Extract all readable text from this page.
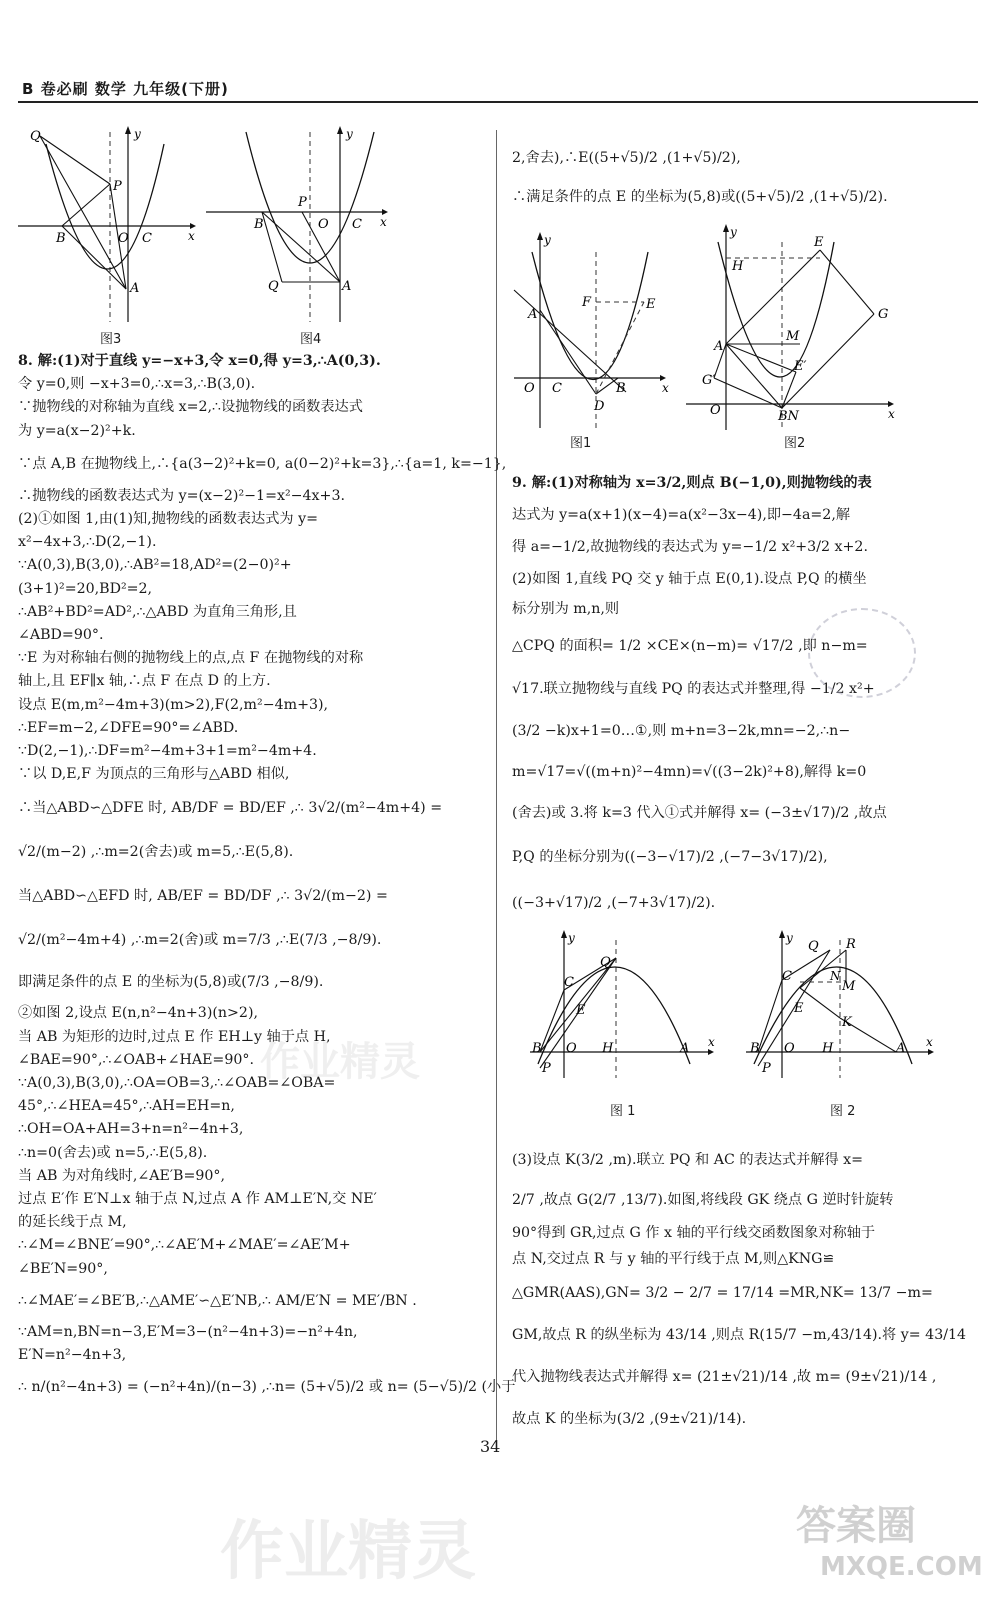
B 卷必刷 数学 九年级(下册)
Q
P
B	O C
A
x
y
图3
P
B	O C
Q	A
x
y
图4

8. 解:(1)对于直线 y=−x+3,令 x=0,得 y=3,∴A(0,3).

令 y=0,则 −x+3=0,∴x=3,∴B(3,0).

∵抛物线的对称轴为直线 x=2,∴设抛物线的函数表达式

为 y=a(x−2)²+k.

∵点 A,B 在抛物线上,∴{a(3−2)²+k=0, a(0−2)²+k=3},∴{a=1, k=−1},

∴抛物线的函数表达式为 y=(x−2)²−1=x²−4x+3.

(2)①如图 1,由(1)知,抛物线的函数表达式为 y=

x²−4x+3,∴D(2,−1).

∵A(0,3),B(3,0),∴AB²=18,AD²=(2−0)²+

(3+1)²=20,BD²=2,

∴AB²+BD²=AD²,∴△ABD 为直角三角形,且

∠ABD=90°.

∵E 为对称轴右侧的抛物线上的点,点 F 在抛物线的对称

轴上,且 EF∥x 轴,∴点 F 在点 D 的上方.

设点 E(m,m²−4m+3)(m>2),F(2,m²−4m+3),

∴EF=m−2,∠DFE=90°=∠ABD.

∵D(2,−1),∴DF=m²−4m+3+1=m²−4m+4.

∵以 D,E,F 为顶点的三角形与△ABD 相似,

∴当△ABD∽△DFE 时, AB/DF = BD/EF ,∴ 3√2/(m²−4m+4) =

√2/(m−2) ,∴m=2(舍去)或 m=5,∴E(5,8).

当△ABD∽△EFD 时, AB/EF = BD/DF ,∴ 3√2/(m−2) =

√2/(m²−4m+4) ,∴m=2(舍)或 m=7/3 ,∴E(7/3 ,−8/9).

即满足条件的点 E 的坐标为(5,8)或(7/3 ,−8/9).

②如图 2,设点 E(n,n²−4n+3)(n>2),

当 AB 为矩形的边时,过点 E 作 EH⊥y 轴于点 H,

∠BAE=90°,∴∠OAB+∠HAE=90°.

∵A(0,3),B(3,0),∴OA=OB=3,∴∠OAB=∠OBA=

45°,∴∠HEA=45°,∴AH=EH=n,

∴OH=OA+AH=3+n=n²−4n+3,

∴n=0(舍去)或 n=5,∴E(5,8).

当 AB 为对角线时,∠AE′B=90°,

过点 E′作 E′N⊥x 轴于点 N,过点 A 作 AM⊥E′N,交 NE′

的延长线于点 M,

∴∠M=∠BNE′=90°,∴∠AE′M+∠MAE′=∠AE′M+

∠BE′N=90°,

∴∠MAE′=∠BE′B,∴△AME′∽△E′NB,∴ AM/E′N = ME′/BN .

∵AM=n,BN=n−3,E′M=3−(n²−4n+3)=−n²+4n,

E′N=n²−4n+3,

∴ n/(n²−4n+3) = (−n²+4n)/(n−3) ,∴n= (5+√5)/2 或 n= (5−√5)/2 (小于

2,舍去),∴E((5+√5)/2 ,(1+√5)/2),

∴满足条件的点 E 的坐标为(5,8)或((5+√5)/2 ,(1+√5)/2).

A
F	E
O C	B
D
x
y
图1
E
H
G
M
A
E′
G′
O	BN	x
y
图2

9. 解:(1)对称轴为 x=3/2,则点 B(−1,0),则抛物线的表

达式为 y=a(x+1)(x−4)=a(x²−3x−4),即−4a=2,解

得 a=−1/2,故抛物线的表达式为 y=−1/2 x²+3/2 x+2.

(2)如图 1,直线 PQ 交 y 轴于点 E(0,1).设点 P,Q 的横坐

标分别为 m,n,则

△CPQ 的面积= 1/2 ×CE×(n−m)= √17/2 ,即 n−m=

√17.联立抛物线与直线 PQ 的表达式并整理,得 −1/2 x²+

(3/2 −k)x+1=0…①,则 m+n=3−2k,mn=−2,∴n−

m=√17=√((m+n)²−4mn)=√((3−2k)²+8),解得 k=0

(舍去)或 3.将 k=3 代入①式并解得 x= (−3±√17)/2 ,故点

P,Q 的坐标分别为((−3−√17)/2 ,(−7−3√17)/2),

((−3+√17)/2 ,(−7+3√17)/2).

C
Q
E
B O H	A
P
x
y
图 1
C
Q R
M
N
K
E
B O H	A
P
x
y
图 2

(3)设点 K(3/2 ,m).联立 PQ 和 AC 的表达式并解得 x=

2/7 ,故点 G(2/7 ,13/7).如图,将线段 GK 绕点 G 逆时针旋转

90°得到 GR,过点 G 作 x 轴的平行线交函数图象对称轴于

点 N,交过点 R 与 y 轴的平行线于点 M,则△KNG≌

△GMR(AAS),GN= 3/2 − 2/7 = 17/14 =MR,NK= 13/7 −m=

GM,故点 R 的纵坐标为 43/14 ,则点 R(15/7 −m,43/14).将 y= 43/14

代入抛物线表达式并解得 x= (21±√21)/14 ,故 m= (9±√21)/14 ,

故点 K 的坐标为(3/2 ,(9±√21)/14).

作业精灵
作业精灵	答案圈
MXQE.COM
34
